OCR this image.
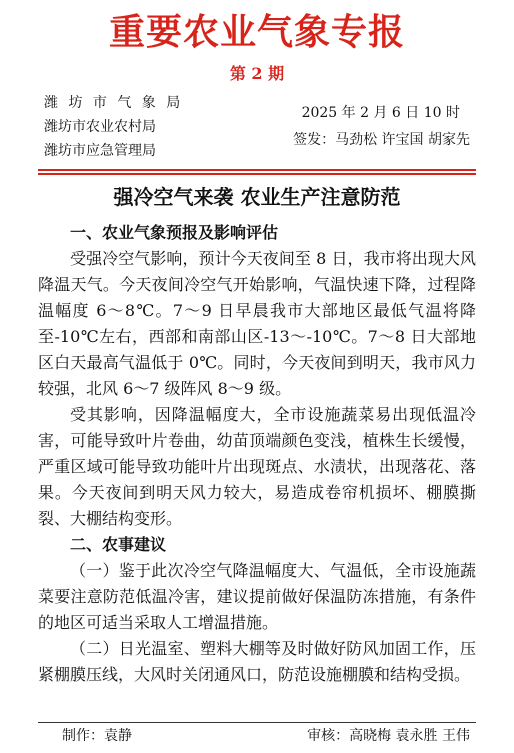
重要农业气象专报
第 2 期
潍 坊 市 气 象 局
潍坊市农业农村局
潍坊市应急管理局
2025 年 2 月 6 日 10 时
签发：马劲松 许宝国 胡家先
强冷空气来袭 农业生产注意防范

一、农业气象预报及影响评估

受强冷空气影响，预计今天夜间至 8 日，我市将出现大风降温天气。今天夜间冷空气开始影响，气温快速下降，过程降温幅度 6～8℃。7～9 日早晨我市大部地区最低气温将降至-10℃左右，西部和南部山区-13～-10℃。7～8 日大部地区白天最高气温低于 0℃。同时，今天夜间到明天，我市风力较强，北风 6～7 级阵风 8～9 级。

受其影响，因降温幅度大，全市设施蔬菜易出现低温冷害，可能导致叶片卷曲，幼苗顶端颜色变浅，植株生长缓慢，严重区域可能导致功能叶片出现斑点、水渍状，出现落花、落果。今天夜间到明天风力较大，易造成卷帘机损坏、棚膜撕裂、大棚结构变形。

二、农事建议

（一）鉴于此次冷空气降温幅度大、气温低，全市设施蔬菜要注意防范低温冷害，建议提前做好保温防冻措施，有条件的地区可适当采取人工增温措施。

（二）日光温室、塑料大棚等及时做好防风加固工作，压紧棚膜压线，大风时关闭通风口，防范设施棚膜和结构受损。

制作：袁静	审核：高晓梅 袁永胜 王伟
